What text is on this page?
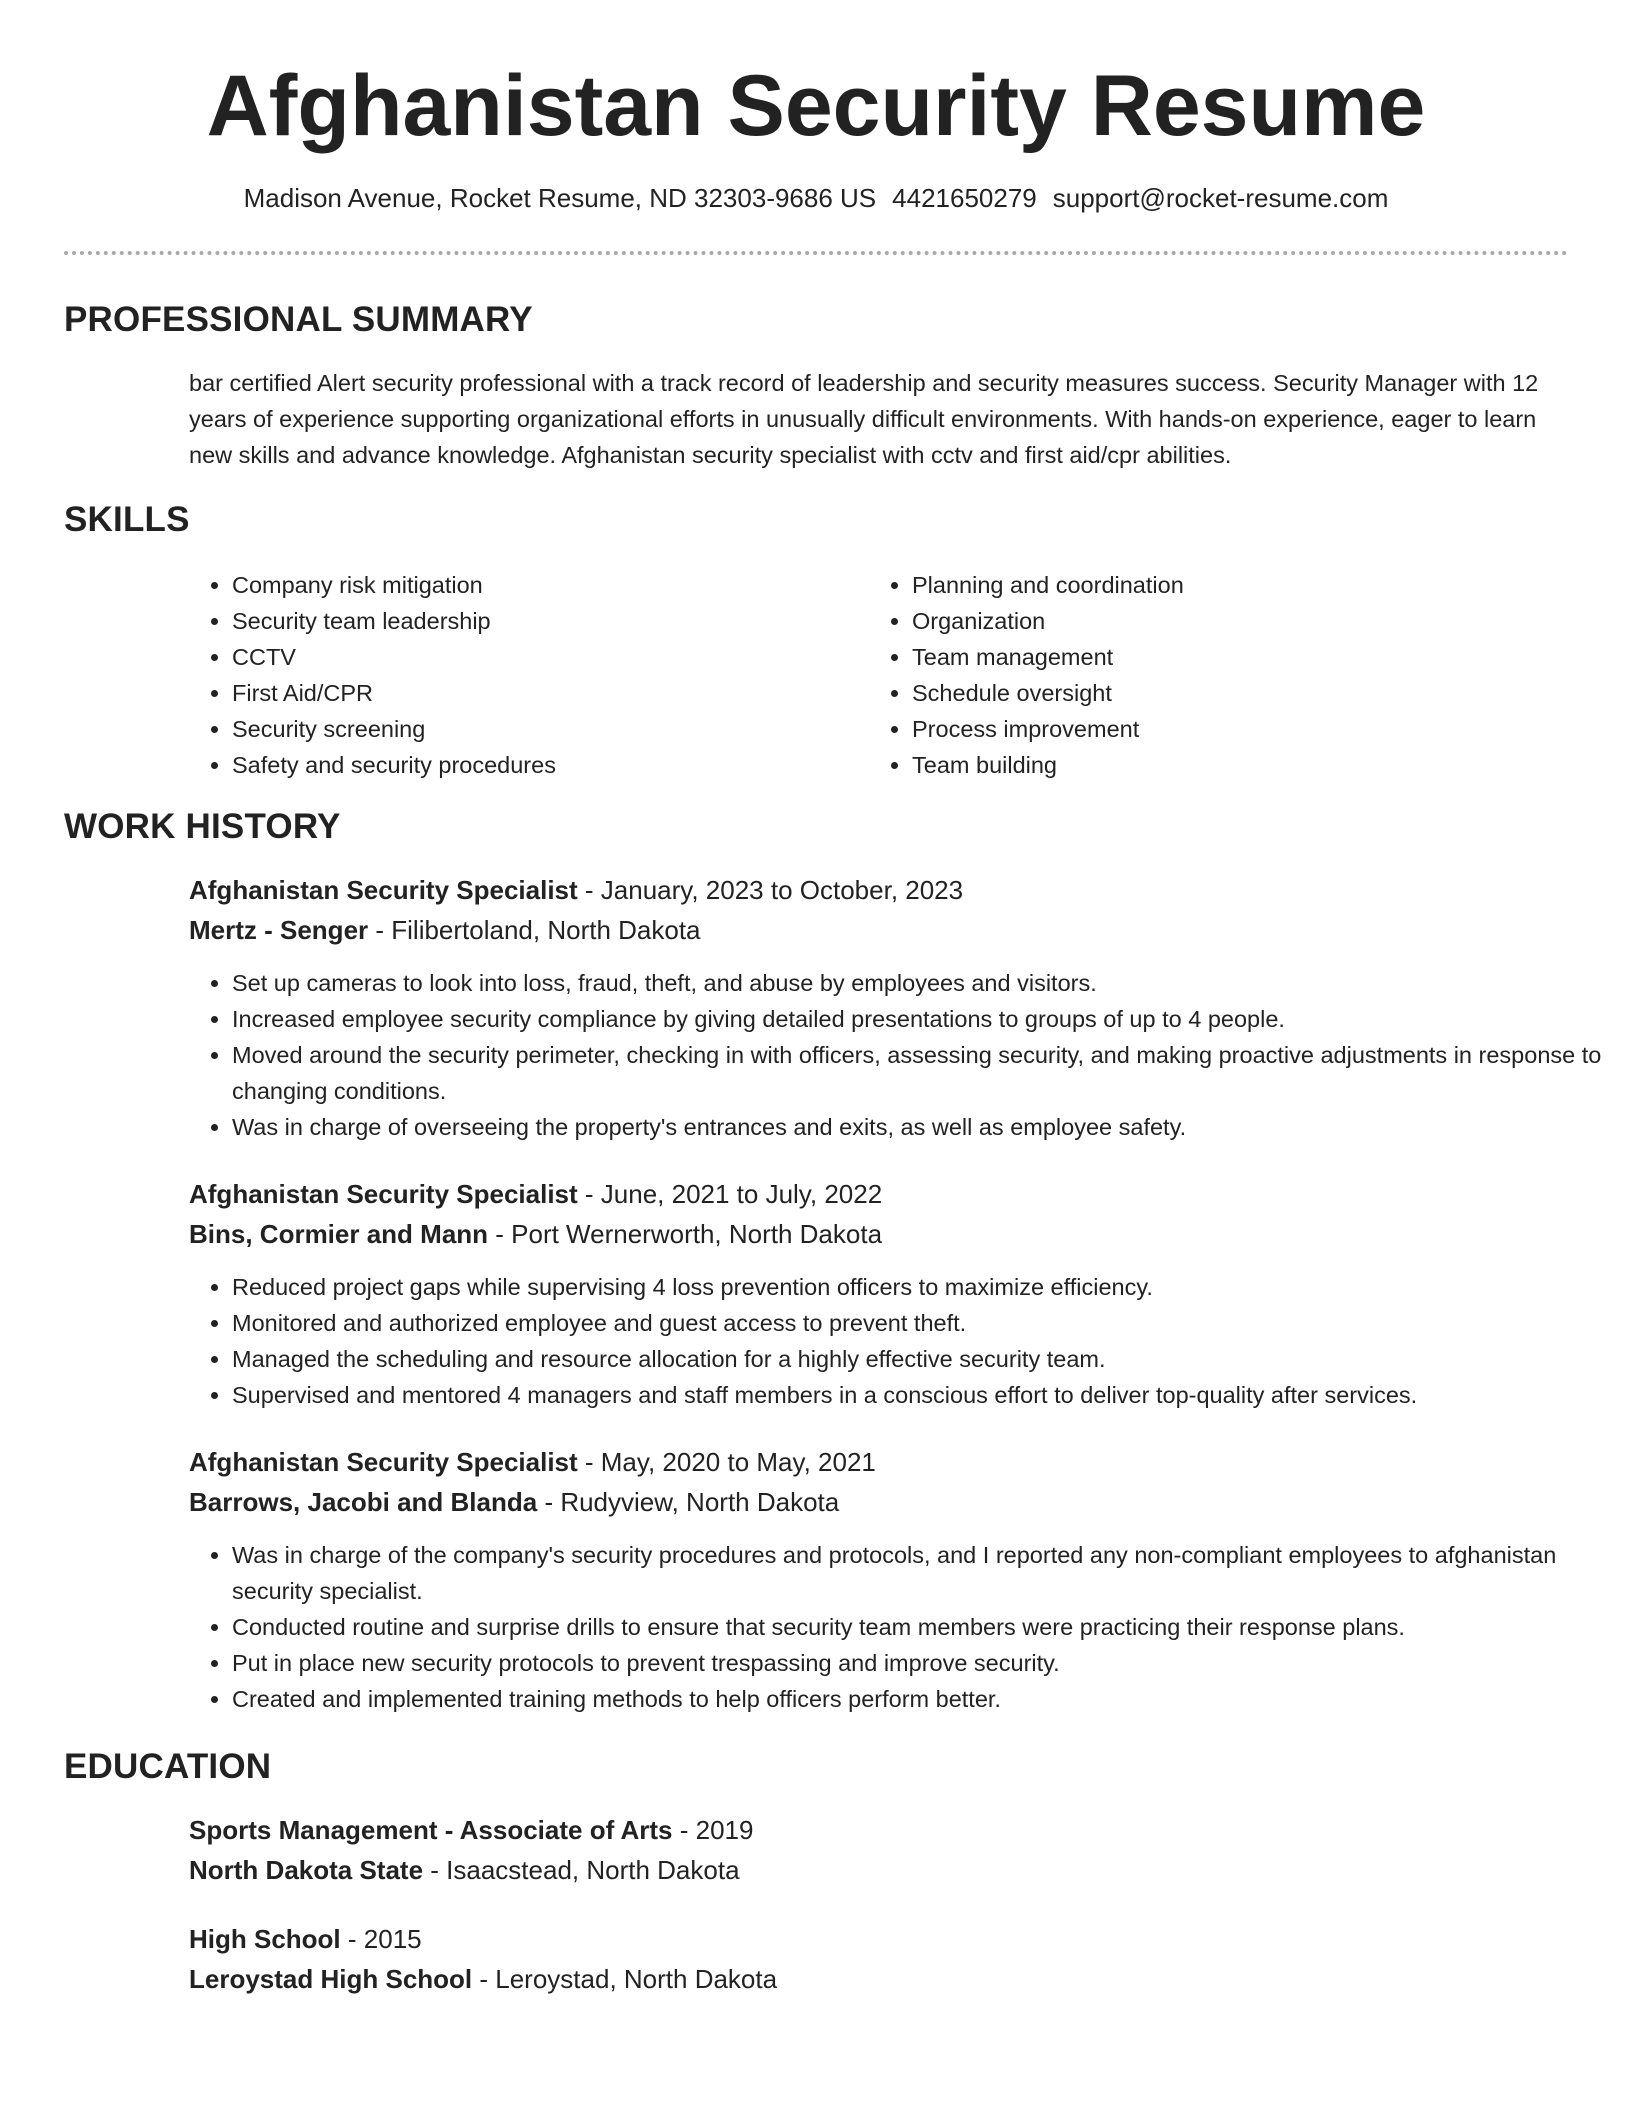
Afghanistan Security Resume
Madison Avenue, Rocket Resume, ND 32303-9686 US 4421650279 support@rocket-resume.com
PROFESSIONAL SUMMARY
bar certified Alert security professional with a track record of leadership and security measures success. Security Manager with 12 years of experience supporting organizational efforts in unusually difficult environments. With hands-on experience, eager to learn new skills and advance knowledge. Afghanistan security specialist with cctv and first aid/cpr abilities.
SKILLS
• Company risk mitigation
• Security team leadership
• CCTV
• First Aid/CPR
• Security screening
• Safety and security procedures
• Planning and coordination
• Organization
• Team management
• Schedule oversight
• Process improvement
• Team building
WORK HISTORY
Afghanistan Security Specialist - January, 2023 to October, 2023
Mertz - Senger - Filibertoland, North Dakota
• Set up cameras to look into loss, fraud, theft, and abuse by employees and visitors.
• Increased employee security compliance by giving detailed presentations to groups of up to 4 people.
• Moved around the security perimeter, checking in with officers, assessing security, and making proactive adjustments in response to changing conditions.
• Was in charge of overseeing the property's entrances and exits, as well as employee safety.
Afghanistan Security Specialist - June, 2021 to July, 2022
Bins, Cormier and Mann - Port Wernerworth, North Dakota
• Reduced project gaps while supervising 4 loss prevention officers to maximize efficiency.
• Monitored and authorized employee and guest access to prevent theft.
• Managed the scheduling and resource allocation for a highly effective security team.
• Supervised and mentored 4 managers and staff members in a conscious effort to deliver top-quality after services.
Afghanistan Security Specialist - May, 2020 to May, 2021
Barrows, Jacobi and Blanda - Rudyview, North Dakota
• Was in charge of the company's security procedures and protocols, and I reported any non-compliant employees to afghanistan security specialist.
• Conducted routine and surprise drills to ensure that security team members were practicing their response plans.
• Put in place new security protocols to prevent trespassing and improve security.
• Created and implemented training methods to help officers perform better.
EDUCATION
Sports Management - Associate of Arts - 2019
North Dakota State - Isaacstead, North Dakota
High School - 2015
Leroystad High School - Leroystad, North Dakota
